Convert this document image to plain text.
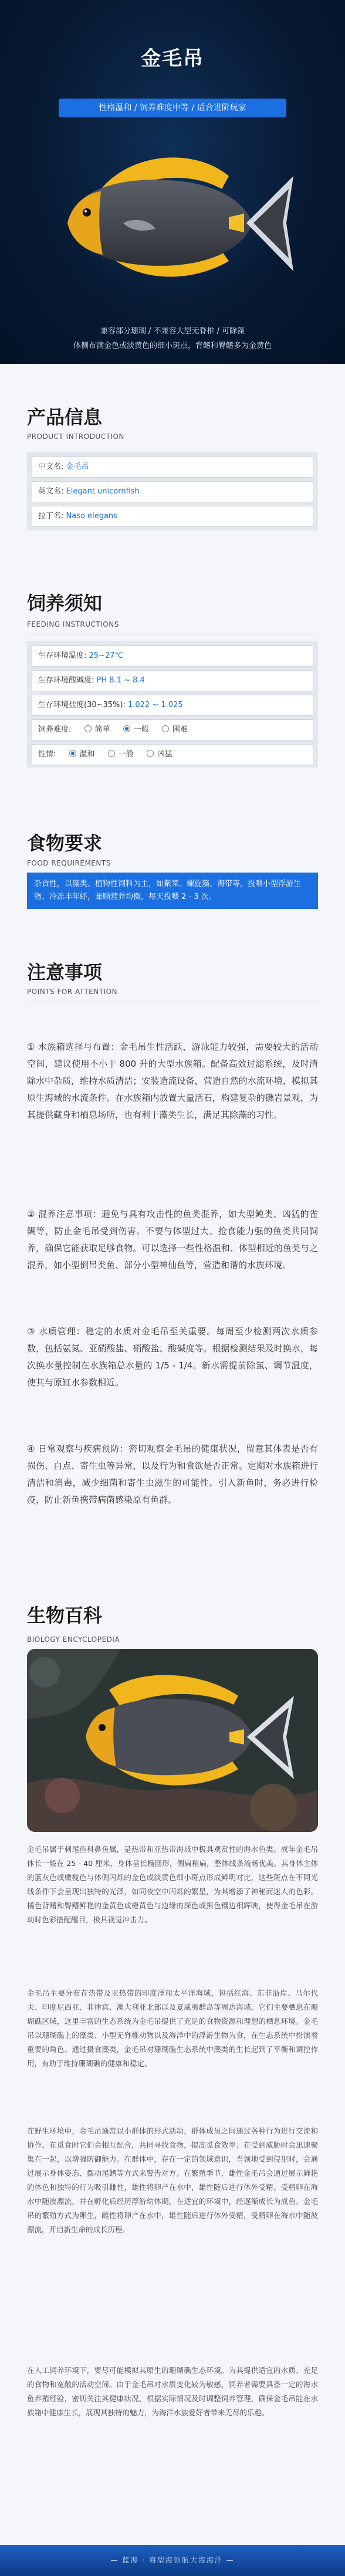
金毛吊
性格温和 / 饲养难度中等 / 适合进阶玩家
兼容部分珊瑚 / 不兼容大型无脊椎 / 可除藻
体侧布满金色或淡黄色的细小斑点，背鳍和臀鳍多为金黄色
产品信息
PRODUCT INTRODUCTION
中文名: 金毛吊
英文名: Elegant unicornfish
拉丁名: Naso elegans
饲养须知
FEEDING INSTRUCTIONS
生存环境温度: 25~27℃
生存环境酸碱度: PH 8.1 ~ 8.4
生存环境盐度(30~35%): 1.022 ~ 1.025
饲养难度:	简单	一般	困难
性情:	温和	一般	凶猛
食物要求
FOOD REQUIREMENTS
杂食性，以藻类、植物性饲料为主，如紫菜、螺旋藻、海带等，投喂小型浮游生物、冷冻丰年虾，兼顾营养均衡，每天投喂 2 - 3 次。
注意事项
POINTS FOR ATTENTION
① 水族箱选择与布置：金毛吊生性活跃，游泳能力较强，需要较大的活动空间，建议使用不小于 800 升的大型水族箱。配备高效过滤系统，及时清除水中杂质，维持水质清洁；安装造流设备，营造自然的水流环境，模拟其原生海域的水流条件。在水族箱内放置大量活石，构建复杂的礁岩景观，为其提供藏身和栖息场所，也有利于藻类生长，满足其除藻的习性。
② 混养注意事项：避免与具有攻击性的鱼类混养，如大型鲀类、凶猛的雀鲷等，防止金毛吊受到伤害。不要与体型过大、抢食能力强的鱼类共同饲养，确保它能获取足够食物。可以选择一些性格温和、体型相近的鱼类与之混养，如小型倒吊类鱼、部分小型神仙鱼等，营造和谐的水族环境。
③ 水质管理：稳定的水质对金毛吊至关重要。每周至少检测两次水质参数，包括氨氮、亚硝酸盐、硝酸盐、酸碱度等。根据检测结果及时换水，每次换水量控制在水族箱总水量的 1/5 - 1/4。新水需提前除氯、调节温度，使其与原缸水参数相近。
④ 日常观察与疾病预防：密切观察金毛吊的健康状况，留意其体表是否有损伤、白点、寄生虫等异常，以及行为和食欲是否正常。定期对水族箱进行清洁和消毒，减少细菌和寄生虫滋生的可能性。引入新鱼时，务必进行检疫，防止新鱼携带病菌感染原有鱼群。
生物百科
BIOLOGY ENCYCLOPEDIA
金毛吊属于刺尾鱼科鼻鱼属，是热带和亚热带海域中极具观赏性的海水鱼类。成年金毛吊体长一般在 25 - 40 厘米，身体呈长椭圆形，侧扁稍扁，整体线条流畅优美。其身体主体的蓝灰色或橄榄色与体侧闪烁的金色或淡黄色细小斑点形成鲜明对比，这些斑点在不同光线条件下会呈现出独特的光泽，如同夜空中闪烁的繁星，为其增添了神秘而迷人的色彩。橘色背鳍和臀鳍鲜艳的金黄色或橙黄色与边缘的深色或黑色镶边相辉映，使得金毛吊在游动时色彩搭配醒目，极具视觉冲击力。
金毛吊主要分布在热带及亚热带的印度洋和太平洋海域，包括红海、东非沿岸、马尔代夫、印度尼西亚、菲律宾、澳大利亚北部以及夏威夷群岛等周边海域。它们主要栖息在珊瑚礁区域，这里丰富的生态系统为金毛吊提供了充足的食物资源和理想的栖息环境。金毛吊以珊瑚礁上的藻类、小型无脊椎动物以及海洋中的浮游生物为食，在生态系统中扮演着重要的角色。通过摄食藻类，金毛吊对珊瑚礁生态系统中藻类的生长起到了平衡和调控作用，有助于维持珊瑚礁的健康和稳定。
在野生环境中，金毛吊通常以小群体的形式活动，群体成员之间通过各种行为进行交流和协作。在觅食时它们会相互配合，共同寻找食物，提高觅食效率；在受到威胁时会迅速聚集在一起，以增强防御能力。在群体中，存在一定的领域意识，当领地受到侵犯时，会通过展示身体姿态、摆动尾鳍等方式来警告对方。在繁殖季节，雄性金毛吊会通过展示鲜艳的体色和独特的行为吸引雌性，雄性将卵产在水中，雄性随后进行体外受精。受精卵在海水中随波漂流，并在孵化后经历浮游幼体期，在适宜的环境中，经逐渐成长为成鱼。金毛吊的繁殖方式为卵生，雌性将卵产在水中，雄性随后进行体外受精，受精卵在海水中随波漂流，开启新生命的成长历程。
在人工饲养环境下，要尽可能模拟其原生的珊瑚礁生态环境。为其提供适宜的水质、充足的食物和宽敞的活动空间。由于金毛吊对水质变化较为敏感，饲养者需要具备一定的海水鱼养殖经验，密切关注其健康状况，根据实际情况及时调整饲养管理，确保金毛吊能在水族箱中健康生长，展现其独特的魅力，为海洋水族爱好者带来无尽的乐趣。
— 蓝海 · 海型海领航大海海洋 —
